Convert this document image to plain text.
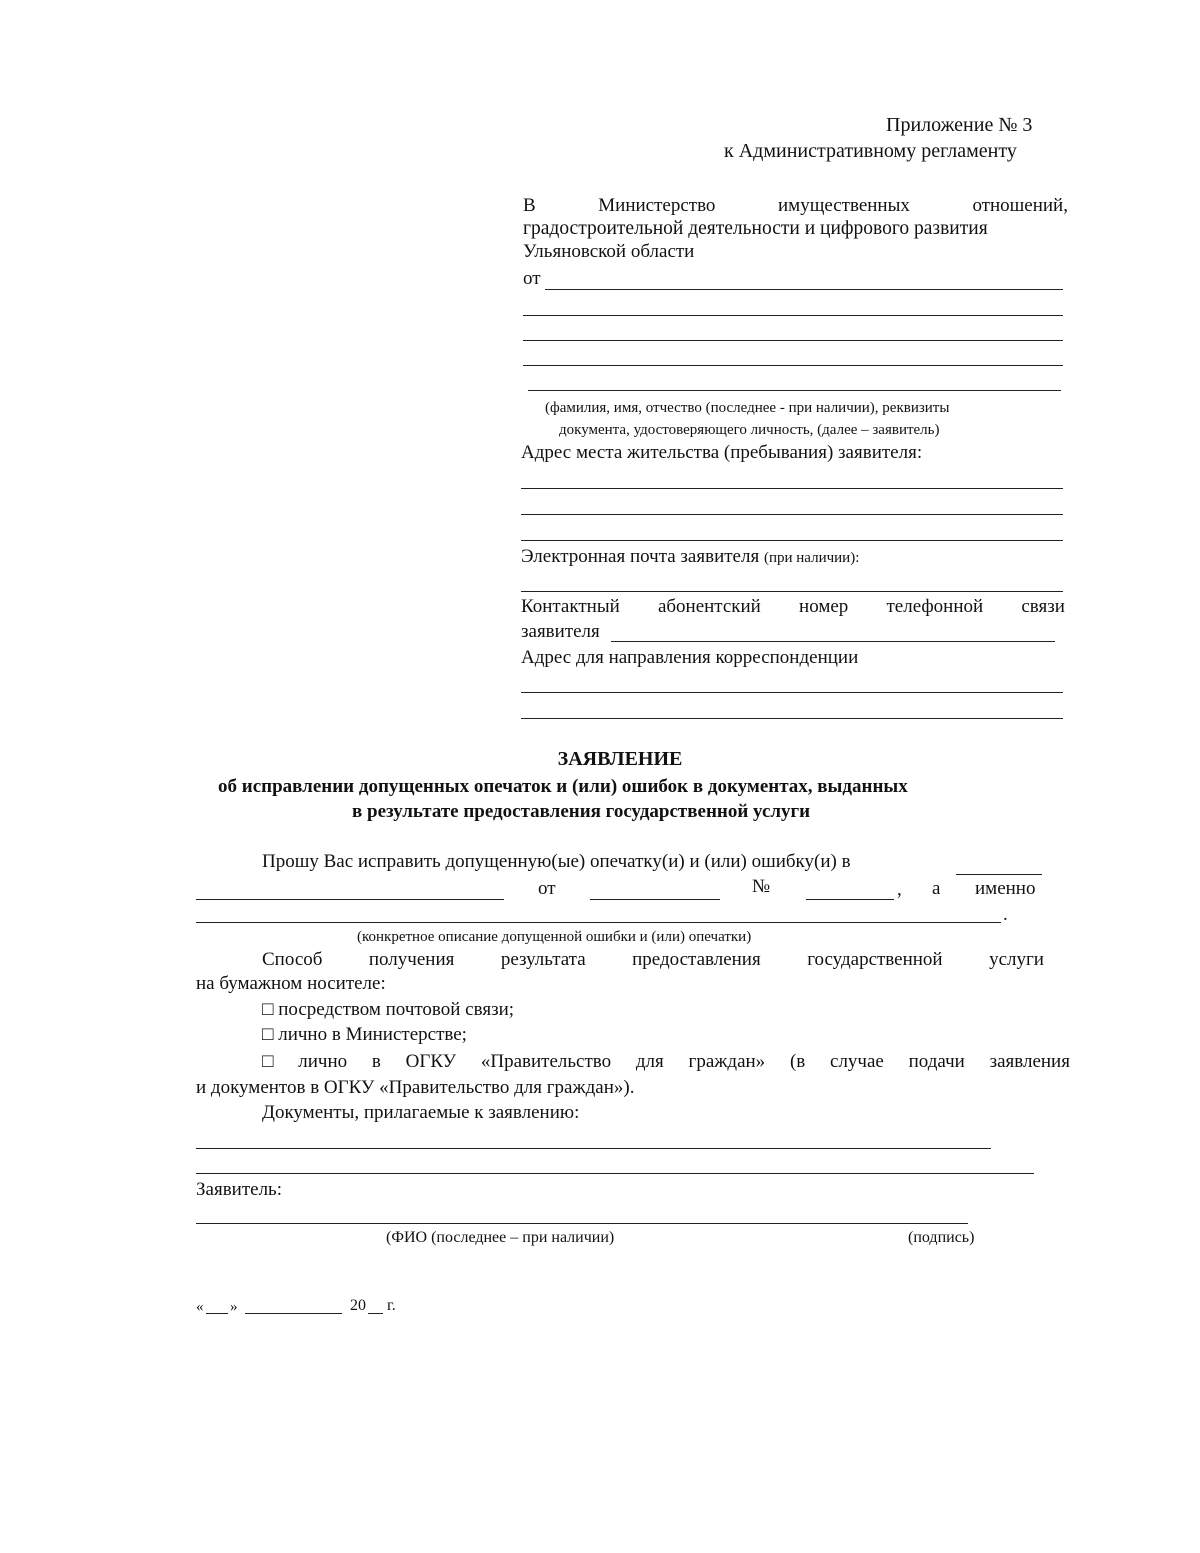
Приложение № 3
к Административному регламенту
В	Министерство	имущественных	отношений,
градостроительной деятельности и цифрового развития
Ульяновской области
от
(фамилия, имя, отчество (последнее - при наличии), реквизиты
документа, удостоверяющего личность, (далее – заявитель)
Адрес места жительства (пребывания) заявителя:
Электронная почта заявителя (при наличии):
Контактный абонентский номер телефонной связи
заявителя
Адрес для направления корреспонденции
ЗАЯВЛЕНИЕ
об исправлении допущенных опечаток и (или) ошибок в документах, выданных
в результате предоставления государственной услуги
Прошу Вас исправить допущенную(ые) опечатку(и) и (или) ошибку(и) в
от	№	, а именно
.
(конкретное описание допущенной ошибки и (или) опечатки)
Способ получения результата предоставления государственной услуги
на бумажном носителе:
□ посредством почтовой связи;
□ лично в Министерстве;
□ лично в ОГКУ «Правительство для граждан» (в случае подачи заявления
и документов в ОГКУ «Правительство для граждан»).
Документы, прилагаемые к заявлению:
Заявитель:
(ФИО (последнее – при наличии)	(подпись)
« »	20 г.
